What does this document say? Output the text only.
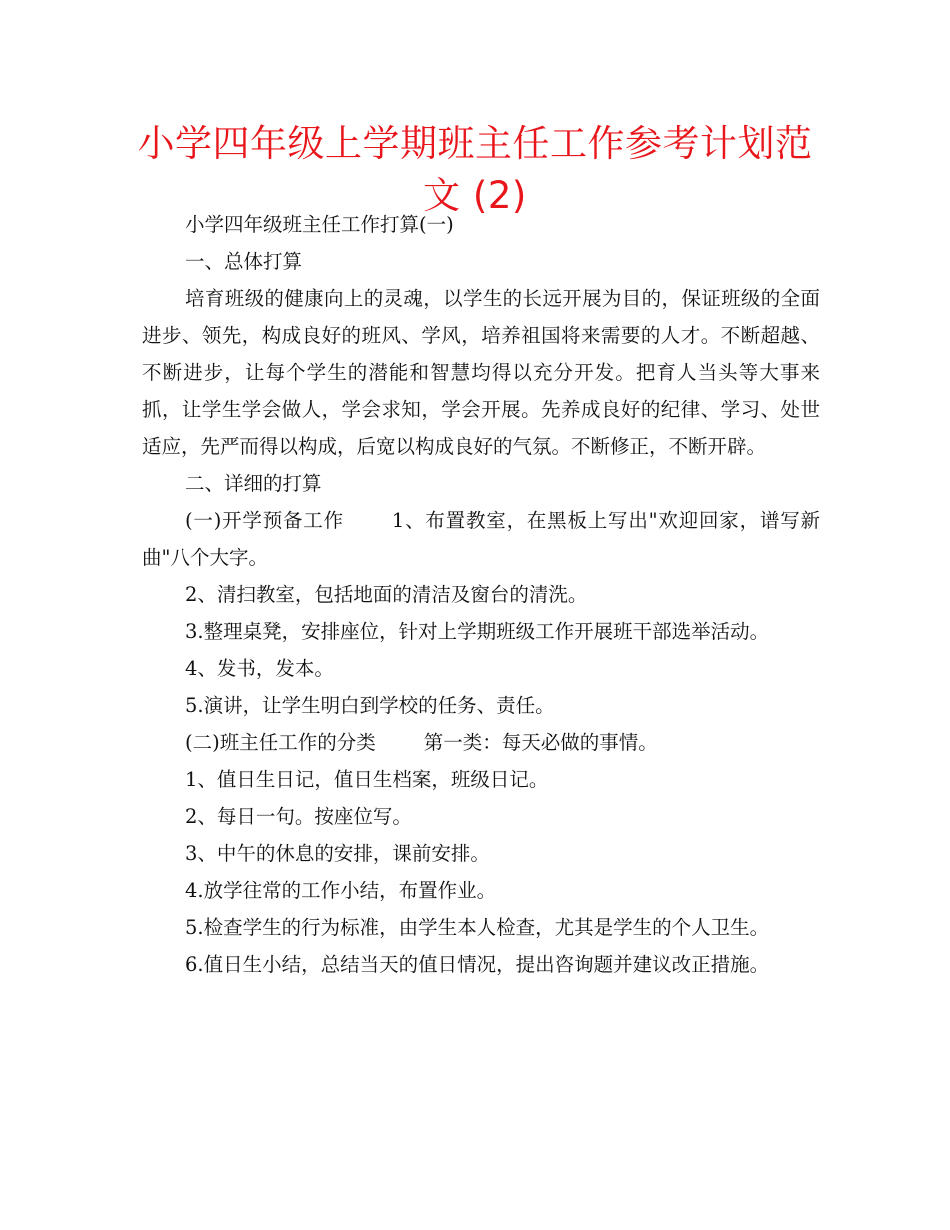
小学四年级上学期班主任工作参考计划范文 (2)

小学四年级班主任工作打算(一)

一、总体打算

培育班级的健康向上的灵魂，以学生的长远开展为目的，保证班级的全面进步、领先，构成良好的班风、学风，培养祖国将来需要的人才。不断超越、不断进步，让每个学生的潜能和智慧均得以充分开发。把育人当头等大事来抓，让学生学会做人，学会求知，学会开展。先养成良好的纪律、学习、处世适应，先严而得以构成，后宽以构成良好的气氛。不断修正，不断开辟。

二、详细的打算

(一)开学预备工作 1、布置教室，在黑板上写出"欢迎回家，谱写新曲"八个大字。

2、清扫教室，包括地面的清洁及窗台的清洗。

3.整理桌凳，安排座位，针对上学期班级工作开展班干部选举活动。

4、发书，发本。

5.演讲，让学生明白到学校的任务、责任。

(二)班主任工作的分类 第一类：每天必做的事情。

1、值日生日记，值日生档案，班级日记。

2、每日一句。按座位写。

3、中午的休息的安排，课前安排。

4.放学往常的工作小结，布置作业。

5.检查学生的行为标准，由学生本人检查，尤其是学生的个人卫生。

6.值日生小结，总结当天的值日情况，提出咨询题并建议改正措施。
